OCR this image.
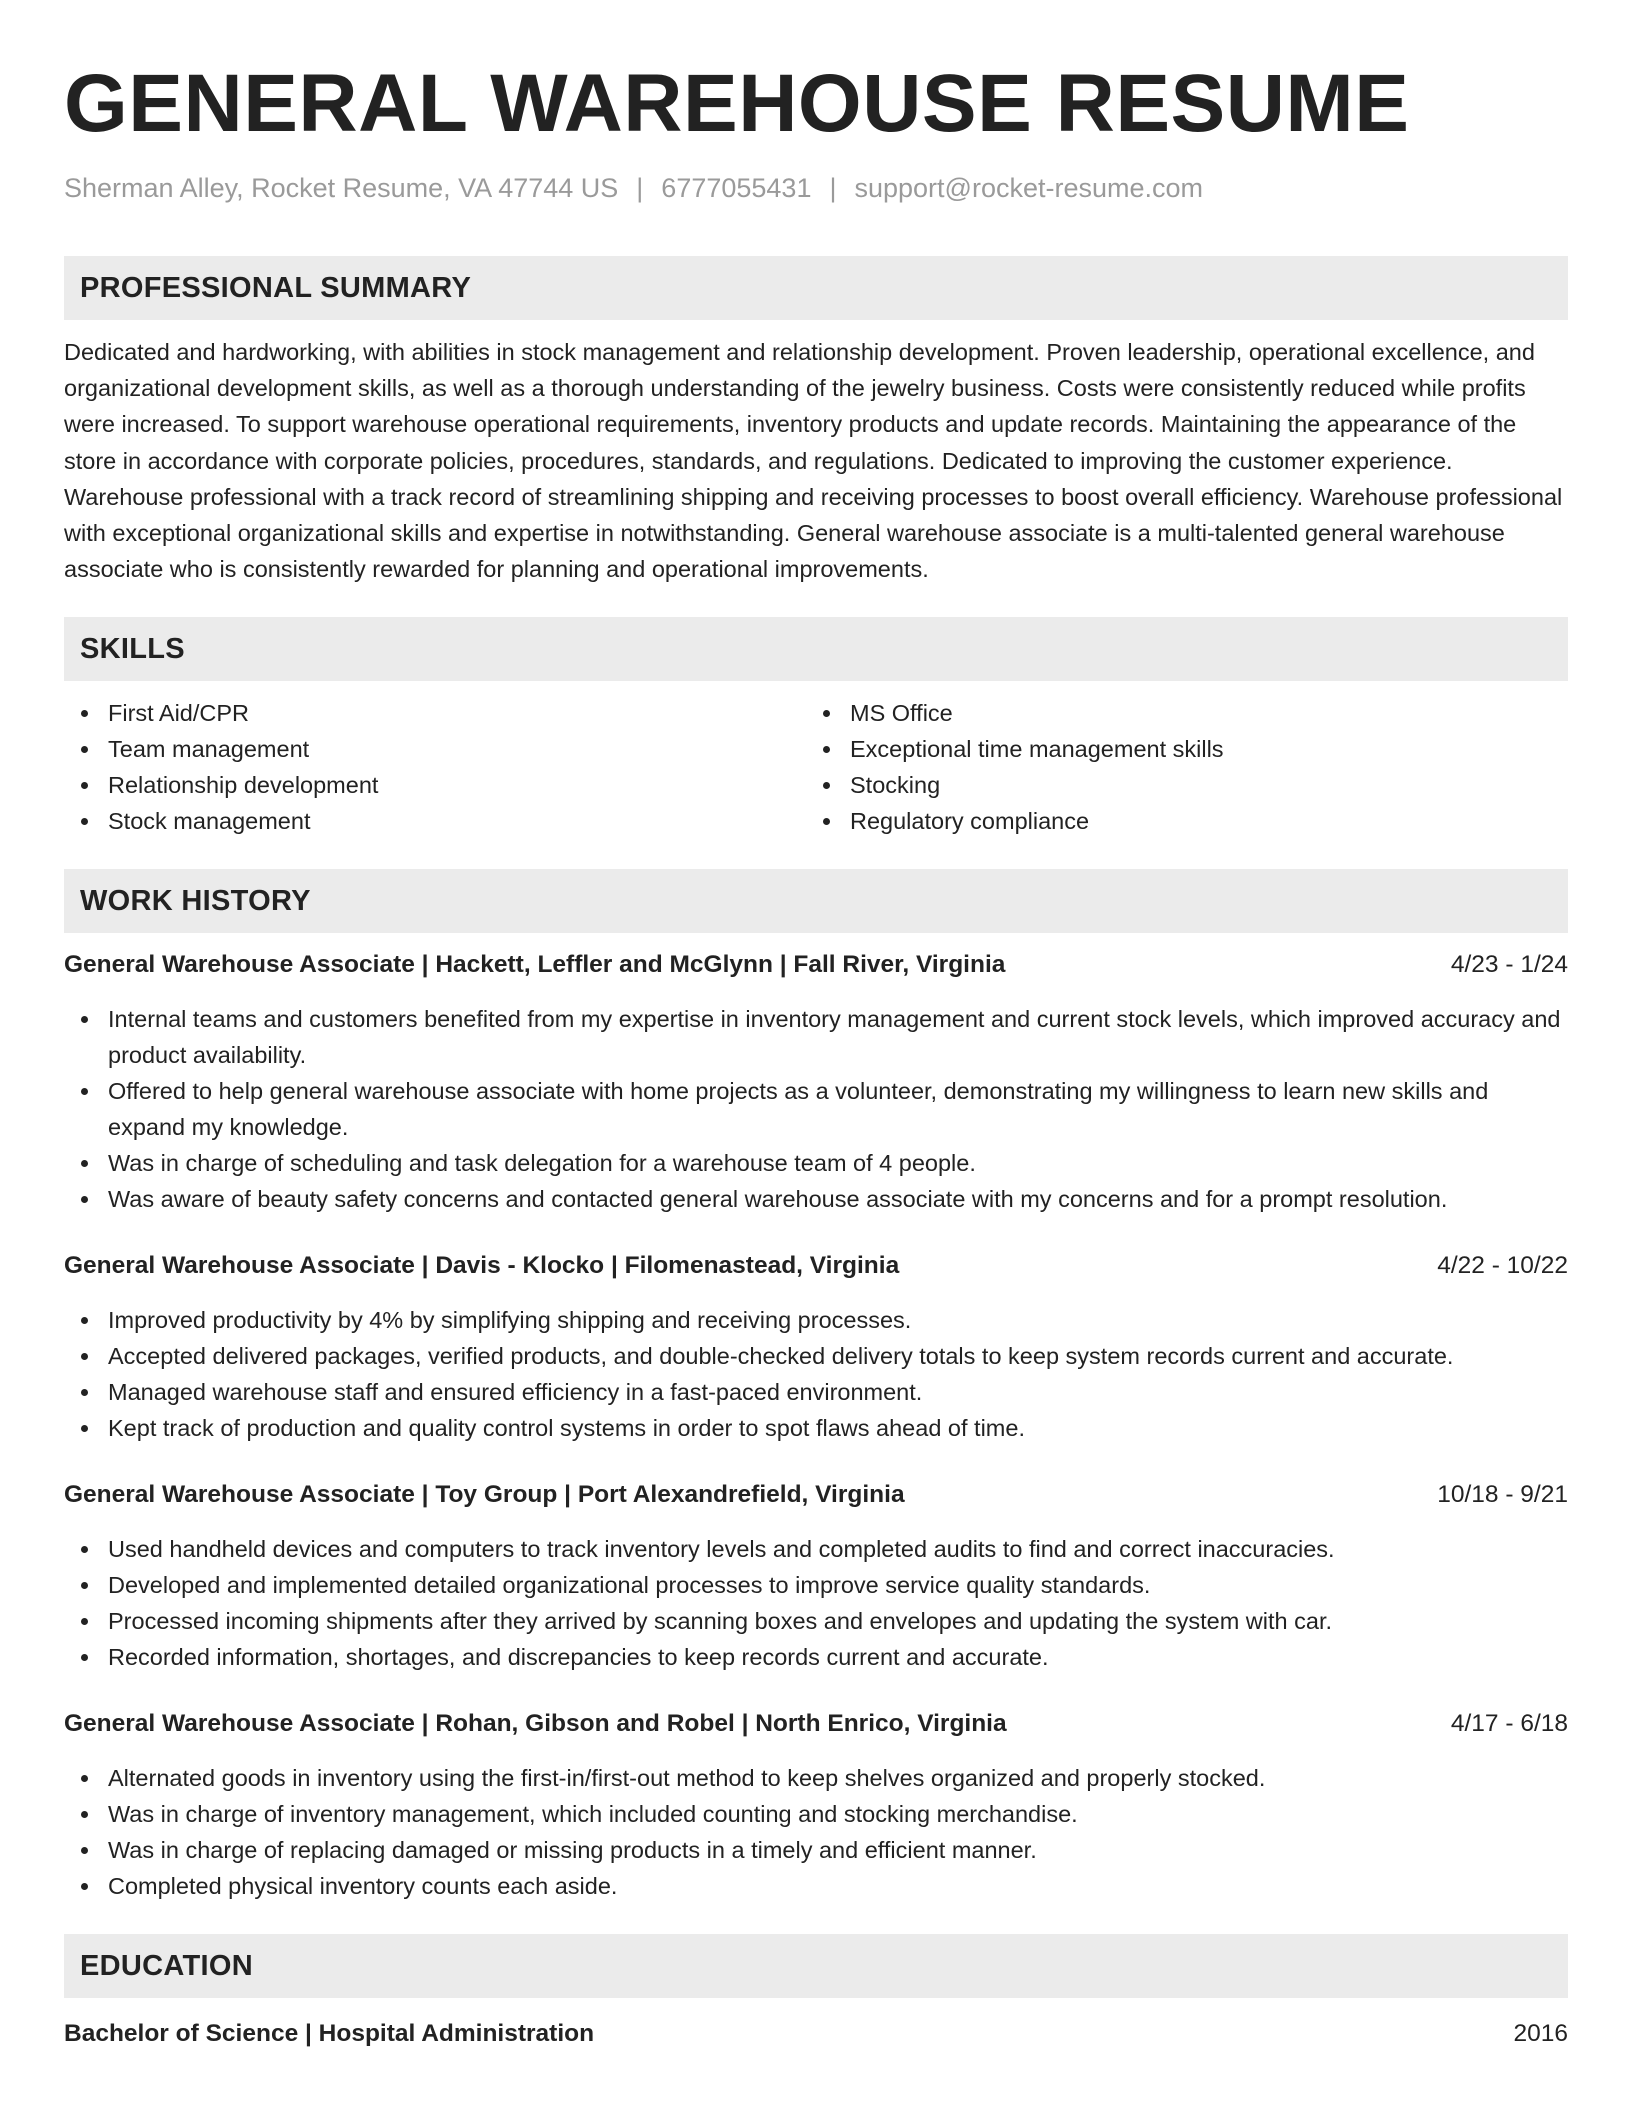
GENERAL WAREHOUSE RESUME
Sherman Alley, Rocket Resume, VA 47744 US | 6777055431 | support@rocket-resume.com
PROFESSIONAL SUMMARY

Dedicated and hardworking, with abilities in stock management and relationship development. Proven leadership, operational excellence, and organizational development skills, as well as a thorough understanding of the jewelry business. Costs were consistently reduced while profits were increased. To support warehouse operational requirements, inventory products and update records. Maintaining the appearance of the store in accordance with corporate policies, procedures, standards, and regulations. Dedicated to improving the customer experience. Warehouse professional with a track record of streamlining shipping and receiving processes to boost overall efficiency. Warehouse professional with exceptional organizational skills and expertise in notwithstanding. General warehouse associate is a multi-talented general warehouse associate who is consistently rewarded for planning and operational improvements.

SKILLS
First Aid/CPR
Team management
Relationship development
Stock management
MS Office
Exceptional time management skills
Stocking
Regulatory compliance
WORK HISTORY
General Warehouse Associate | Hackett, Leffler and McGlynn | Fall River, Virginia	4/23 - 1/24
Internal teams and customers benefited from my expertise in inventory management and current stock levels, which improved accuracy and product availability.
Offered to help general warehouse associate with home projects as a volunteer, demonstrating my willingness to learn new skills and expand my knowledge.
Was in charge of scheduling and task delegation for a warehouse team of 4 people.
Was aware of beauty safety concerns and contacted general warehouse associate with my concerns and for a prompt resolution.
General Warehouse Associate | Davis - Klocko | Filomenastead, Virginia	4/22 - 10/22
Improved productivity by 4% by simplifying shipping and receiving processes.
Accepted delivered packages, verified products, and double-checked delivery totals to keep system records current and accurate.
Managed warehouse staff and ensured efficiency in a fast-paced environment.
Kept track of production and quality control systems in order to spot flaws ahead of time.
General Warehouse Associate | Toy Group | Port Alexandrefield, Virginia	10/18 - 9/21
Used handheld devices and computers to track inventory levels and completed audits to find and correct inaccuracies.
Developed and implemented detailed organizational processes to improve service quality standards.
Processed incoming shipments after they arrived by scanning boxes and envelopes and updating the system with car.
Recorded information, shortages, and discrepancies to keep records current and accurate.
General Warehouse Associate | Rohan, Gibson and Robel | North Enrico, Virginia	4/17 - 6/18
Alternated goods in inventory using the first-in/first-out method to keep shelves organized and properly stocked.
Was in charge of inventory management, which included counting and stocking merchandise.
Was in charge of replacing damaged or missing products in a timely and efficient manner.
Completed physical inventory counts each aside.
EDUCATION
Bachelor of Science | Hospital Administration	2016
